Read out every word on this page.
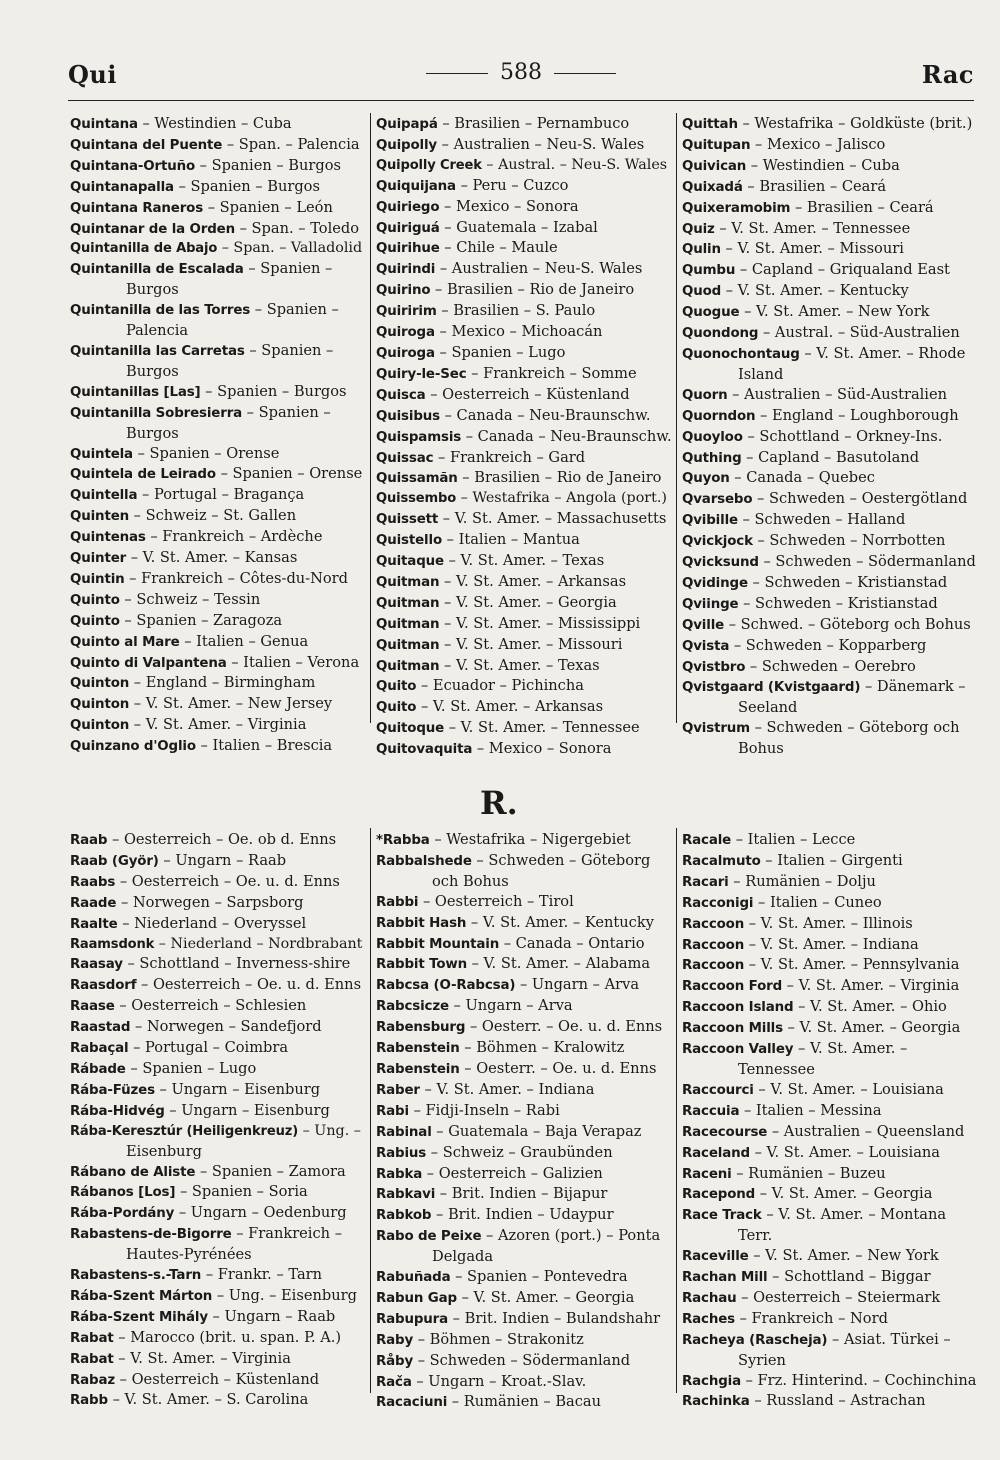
Qui	588	Rac
Quintana – Westindien – Cuba
Quintana del Puente – Span. – Palencia
Quintana-Ortuño – Spanien – Burgos
Quintanapalla – Spanien – Burgos
Quintana Raneros – Spanien – León
Quintanar de la Orden – Span. – Toledo
Quintanilla de Abajo – Span. – Valladolid
Quintanilla de Escalada – Spanien –
Burgos
Quintanilla de las Torres – Spanien –
Palencia
Quintanilla las Carretas – Spanien –
Burgos
Quintanillas [Las] – Spanien – Burgos
Quintanilla Sobresierra – Spanien –
Burgos
Quintela – Spanien – Orense
Quintela de Leirado – Spanien – Orense
Quintella – Portugal – Bragança
Quinten – Schweiz – St. Gallen
Quintenas – Frankreich – Ardèche
Quinter – V. St. Amer. – Kansas
Quintin – Frankreich – Côtes-du-Nord
Quinto – Schweiz – Tessin
Quinto – Spanien – Zaragoza
Quinto al Mare – Italien – Genua
Quinto di Valpantena – Italien – Verona
Quinton – England – Birmingham
Quinton – V. St. Amer. – New Jersey
Quinton – V. St. Amer. – Virginia
Quinzano d'Oglio – Italien – Brescia
Quipapá – Brasilien – Pernambuco
Quipolly – Australien – Neu-S. Wales
Quipolly Creek – Austral. – Neu-S. Wales
Quiquijana – Peru – Cuzco
Quiriego – Mexico – Sonora
Quiriguá – Guatemala – Izabal
Quirihue – Chile – Maule
Quirindi – Australien – Neu-S. Wales
Quirino – Brasilien – Rio de Janeiro
Quiririm – Brasilien – S. Paulo
Quiroga – Mexico – Michoacán
Quiroga – Spanien – Lugo
Quiry-le-Sec – Frankreich – Somme
Quisca – Oesterreich – Küstenland
Quisibus – Canada – Neu-Braunschw.
Quispamsis – Canada – Neu-Braunschw.
Quissac – Frankreich – Gard
Quissamãn – Brasilien – Rio de Janeiro
Quissembo – Westafrika – Angola (port.)
Quissett – V. St. Amer. – Massachusetts
Quistello – Italien – Mantua
Quitaque – V. St. Amer. – Texas
Quitman – V. St. Amer. – Arkansas
Quitman – V. St. Amer. – Georgia
Quitman – V. St. Amer. – Mississippi
Quitman – V. St. Amer. – Missouri
Quitman – V. St. Amer. – Texas
Quito – Ecuador – Pichincha
Quito – V. St. Amer. – Arkansas
Quitoque – V. St. Amer. – Tennessee
Quitovaquita – Mexico – Sonora
Quittah – Westafrika – Goldküste (brit.)
Quitupan – Mexico – Jalisco
Quivican – Westindien – Cuba
Quixadá – Brasilien – Ceará
Quixeramobim – Brasilien – Ceará
Quiz – V. St. Amer. – Tennessee
Qulin – V. St. Amer. – Missouri
Qumbu – Capland – Griqualand East
Quod – V. St. Amer. – Kentucky
Quogue – V. St. Amer. – New York
Quondong – Austral. – Süd-Australien
Quonochontaug – V. St. Amer. – Rhode
Island
Quorn – Australien – Süd-Australien
Quorndon – England – Loughborough
Quoyloo – Schottland – Orkney-Ins.
Quthing – Capland – Basutoland
Quyon – Canada – Quebec
Qvarsebo – Schweden – Oestergötland
Qvibille – Schweden – Halland
Qvickjock – Schweden – Norrbotten
Qvicksund – Schweden – Södermanland
Qvidinge – Schweden – Kristianstad
Qviinge – Schweden – Kristianstad
Qville – Schwed. – Göteborg och Bohus
Qvista – Schweden – Kopparberg
Qvistbro – Schweden – Oerebro
Qvistgaard (Kvistgaard) – Dänemark –
Seeland
Qvistrum – Schweden – Göteborg och
Bohus
R.
Raab – Oesterreich – Oe. ob d. Enns
Raab (Györ) – Ungarn – Raab
Raabs – Oesterreich – Oe. u. d. Enns
Raade – Norwegen – Sarpsborg
Raalte – Niederland – Overyssel
Raamsdonk – Niederland – Nordbrabant
Raasay – Schottland – Inverness-shire
Raasdorf – Oesterreich – Oe. u. d. Enns
Raase – Oesterreich – Schlesien
Raastad – Norwegen – Sandefjord
Rabaçal – Portugal – Coimbra
Rábade – Spanien – Lugo
Rába-Füzes – Ungarn – Eisenburg
Rába-Hidvég – Ungarn – Eisenburg
Rába-Keresztúr (Heiligenkreuz) – Ung. –
Eisenburg
Rábano de Aliste – Spanien – Zamora
Rábanos [Los] – Spanien – Soria
Rába-Pordány – Ungarn – Oedenburg
Rabastens-de-Bigorre – Frankreich –
Hautes-Pyrénées
Rabastens-s.-Tarn – Frankr. – Tarn
Rába-Szent Márton – Ung. – Eisenburg
Rába-Szent Mihály – Ungarn – Raab
Rabat – Marocco (brit. u. span. P. A.)
Rabat – V. St. Amer. – Virginia
Rabaz – Oesterreich – Küstenland
Rabb – V. St. Amer. – S. Carolina
*Rabba – Westafrika – Nigergebiet
Rabbalshede – Schweden – Göteborg
och Bohus
Rabbi – Oesterreich – Tirol
Rabbit Hash – V. St. Amer. – Kentucky
Rabbit Mountain – Canada – Ontario
Rabbit Town – V. St. Amer. – Alabama
Rabcsa (O-Rabcsa) – Ungarn – Arva
Rabcsicze – Ungarn – Arva
Rabensburg – Oesterr. – Oe. u. d. Enns
Rabenstein – Böhmen – Kralowitz
Rabenstein – Oesterr. – Oe. u. d. Enns
Raber – V. St. Amer. – Indiana
Rabi – Fidji-Inseln – Rabi
Rabinal – Guatemala – Baja Verapaz
Rabius – Schweiz – Graubünden
Rabka – Oesterreich – Galizien
Rabkavi – Brit. Indien – Bijapur
Rabkob – Brit. Indien – Udaypur
Rabo de Peixe – Azoren (port.) – Ponta
Delgada
Rabuñada – Spanien – Pontevedra
Rabun Gap – V. St. Amer. – Georgia
Rabupura – Brit. Indien – Bulandshahr
Raby – Böhmen – Strakonitz
Råby – Schweden – Södermanland
Rača – Ungarn – Kroat.-Slav.
Racaciuni – Rumänien – Bacau
Racale – Italien – Lecce
Racalmuto – Italien – Girgenti
Racari – Rumänien – Dolju
Racconigi – Italien – Cuneo
Raccoon – V. St. Amer. – Illinois
Raccoon – V. St. Amer. – Indiana
Raccoon – V. St. Amer. – Pennsylvania
Raccoon Ford – V. St. Amer. – Virginia
Raccoon Island – V. St. Amer. – Ohio
Raccoon Mills – V. St. Amer. – Georgia
Raccoon Valley – V. St. Amer. –
Tennessee
Raccourci – V. St. Amer. – Louisiana
Raccuia – Italien – Messina
Racecourse – Australien – Queensland
Raceland – V. St. Amer. – Louisiana
Raceni – Rumänien – Buzeu
Racepond – V. St. Amer. – Georgia
Race Track – V. St. Amer. – Montana
Terr.
Raceville – V. St. Amer. – New York
Rachan Mill – Schottland – Biggar
Rachau – Oesterreich – Steiermark
Raches – Frankreich – Nord
Racheya (Rascheja) – Asiat. Türkei –
Syrien
Rachgia – Frz. Hinterind. – Cochinchina
Rachinka – Russland – Astrachan
